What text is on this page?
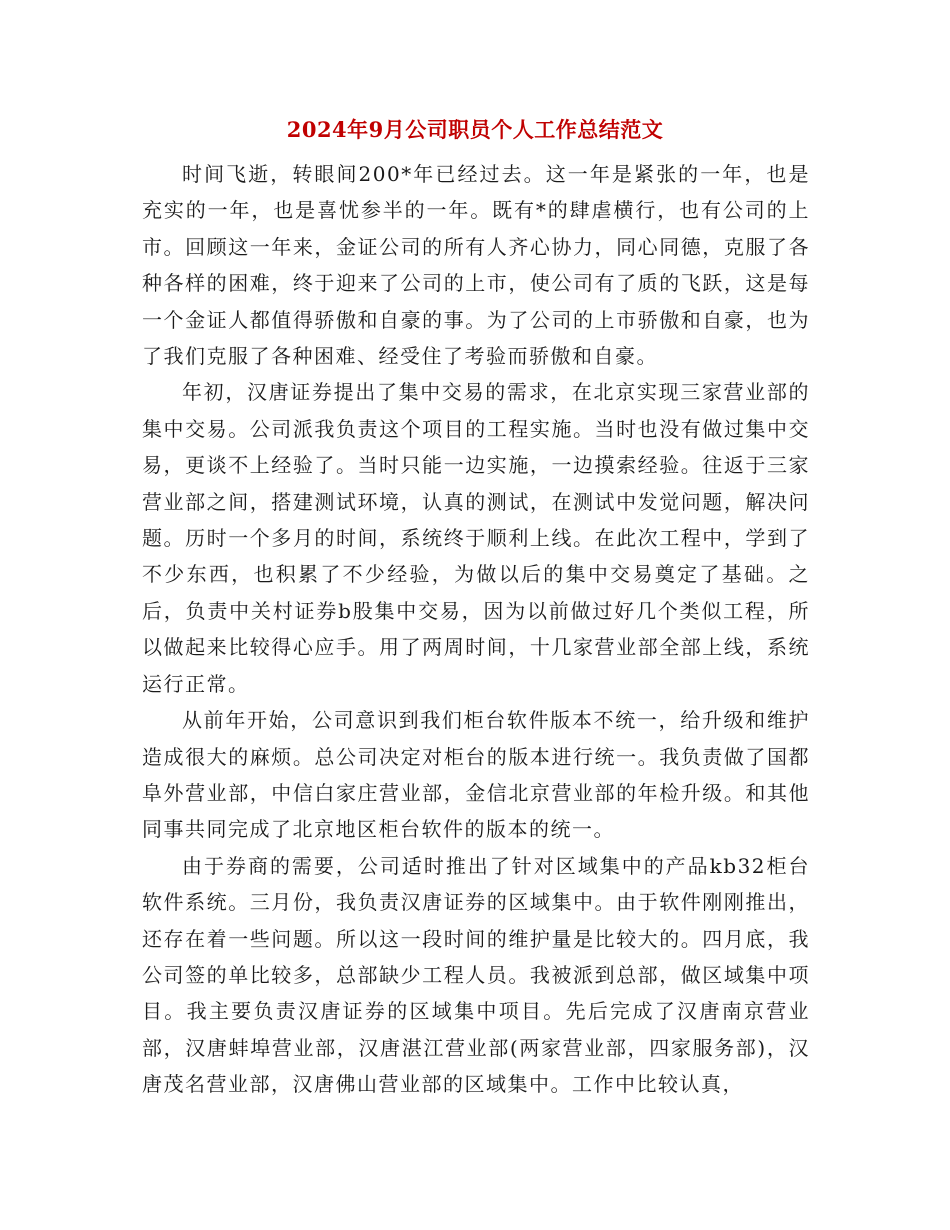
2024年9月公司职员个人工作总结范文

时间飞逝，转眼间200*年已经过去。这一年是紧张的一年，也是充实的一年，也是喜忧参半的一年。既有*的肆虐横行，也有公司的上市。回顾这一年来，金证公司的所有人齐心协力，同心同德，克服了各种各样的困难，终于迎来了公司的上市，使公司有了质的飞跃，这是每一个金证人都值得骄傲和自豪的事。为了公司的上市骄傲和自豪，也为了我们克服了各种困难、经受住了考验而骄傲和自豪。

年初，汉唐证券提出了集中交易的需求，在北京实现三家营业部的集中交易。公司派我负责这个项目的工程实施。当时也没有做过集中交易，更谈不上经验了。当时只能一边实施，一边摸索经验。往返于三家营业部之间，搭建测试环境，认真的测试，在测试中发觉问题，解决问题。历时一个多月的时间，系统终于顺利上线。在此次工程中，学到了不少东西，也积累了不少经验，为做以后的集中交易奠定了基础。之后，负责中关村证券b股集中交易，因为以前做过好几个类似工程，所以做起来比较得心应手。用了两周时间，十几家营业部全部上线，系统运行正常。

从前年开始，公司意识到我们柜台软件版本不统一，给升级和维护造成很大的麻烦。总公司决定对柜台的版本进行统一。我负责做了国都阜外营业部，中信白家庄营业部，金信北京营业部的年检升级。和其他同事共同完成了北京地区柜台软件的版本的统一。

由于券商的需要，公司适时推出了针对区域集中的产品kb32柜台软件系统。三月份，我负责汉唐证券的区域集中。由于软件刚刚推出，还存在着一些问题。所以这一段时间的维护量是比较大的。四月底，我公司签的单比较多，总部缺少工程人员。我被派到总部，做区域集中项目。我主要负责汉唐证券的区域集中项目。先后完成了汉唐南京营业部，汉唐蚌埠营业部，汉唐湛江营业部(两家营业部，四家服务部)，汉唐茂名营业部，汉唐佛山营业部的区域集中。工作中比较认真，
